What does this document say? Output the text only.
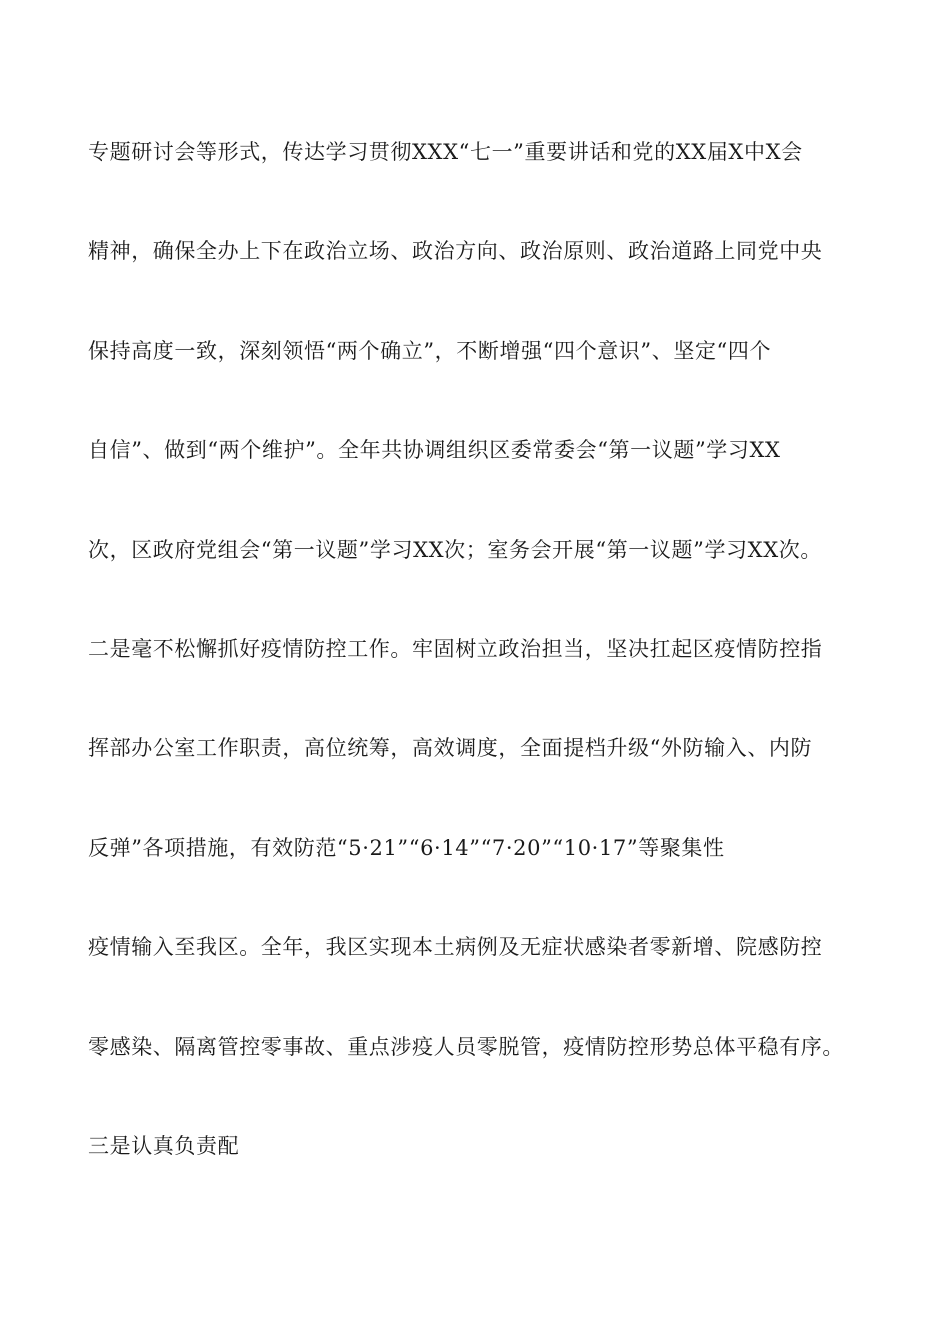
专题研讨会等形式，传达学习贯彻XXX“七一”重要讲话和党的XX届X中X会
精神，确保全办上下在政治立场、政治方向、政治原则、政治道路上同党中央
保持高度一致，深刻领悟“两个确立”，不断增强“四个意识”、坚定“四个
自信”、做到“两个维护”。全年共协调组织区委常委会“第一议题”学习XX
次，区政府党组会“第一议题”学习XX次；室务会开展“第一议题”学习XX次。
二是毫不松懈抓好疫情防控工作。牢固树立政治担当，坚决扛起区疫情防控指
挥部办公室工作职责，高位统筹，高效调度，全面提档升级“外防输入、内防
反弹”各项措施，有效防范“5·21”“6·14”“7·20”“10·17”等聚集性
疫情输入至我区。全年，我区实现本土病例及无症状感染者零新增、院感防控
零感染、隔离管控零事故、重点涉疫人员零脱管，疫情防控形势总体平稳有序。
三是认真负责配
